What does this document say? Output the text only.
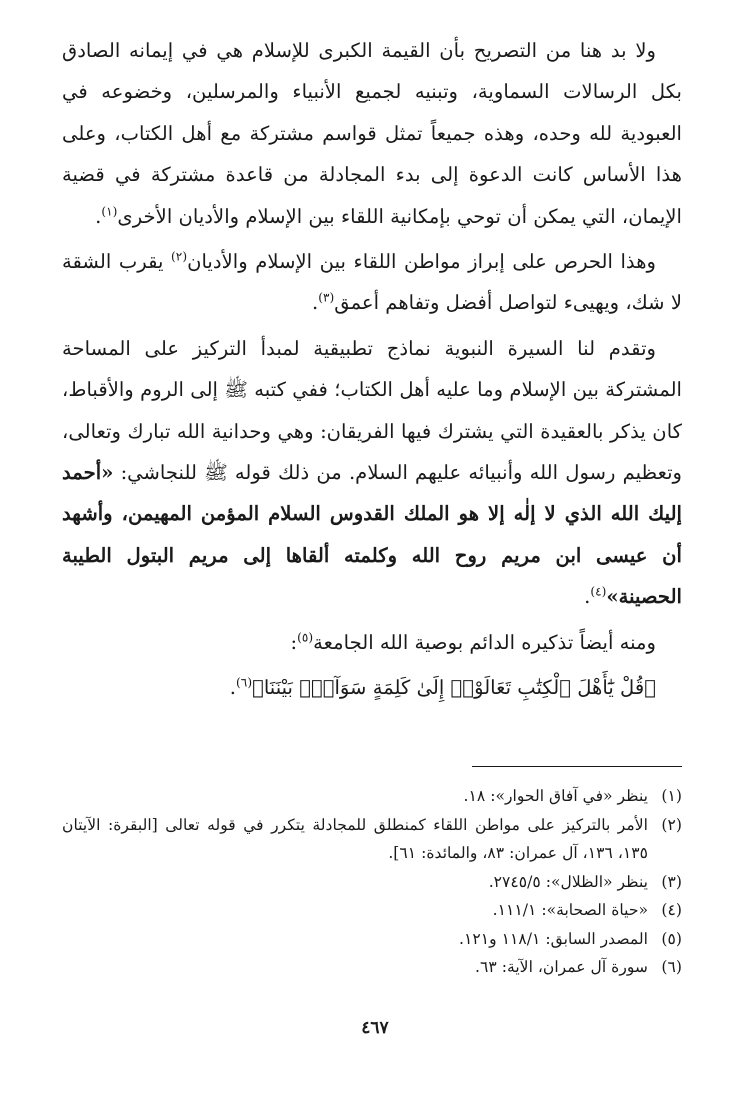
ولا بد هنا من التصريح بأن القيمة الكبرى للإسلام هي في إيمانه الصادق بكل الرسالات السماوية، وتبنيه لجميع الأنبياء والمرسلين، وخضوعه في العبودية لله وحده، وهذه جميعاً تمثل قواسم مشتركة مع أهل الكتاب، وعلى هذا الأساس كانت الدعوة إلى بدء المجادلة من قاعدة مشتركة في قضية الإيمان، التي يمكن أن توحي بإمكانية اللقاء بين الإسلام والأديان الأخرى$^{(١)}$.

وهذا الحرص على إبراز مواطن اللقاء بين الإسلام والأديان$^{(٢)}$ يقرب الشقة لا شك، ويهيىء لتواصل أفضل وتفاهم أعمق$^{(٣)}$.

وتقدم لنا السيرة النبوية نماذج تطبيقية لمبدأ التركيز على المساحة المشتركة بين الإسلام وما عليه أهل الكتاب؛ ففي كتبه ﷺ إلى الروم والأقباط، كان يذكر بالعقيدة التي يشترك فيها الفريقان: وهي وحدانية الله تبارك وتعالى، وتعظيم رسول الله وأنبيائه عليهم السلام. من ذلك قوله ﷺ للنجاشي: «أحمد إليك الله الذي لا إلٰه إلا هو الملك القدوس السلام المؤمن المهيمن، وأشهد أن عيسى ابن مريم روح الله وكلمته ألقاها إلى مريم البتول الطيبة الحصينة»$^{(٤)}$.

ومنه أيضاً تذكيره الدائم بوصية الله الجامعة$^{(٥)}$:

﴿قُلْ يَٰٓأَهْلَ ٱلْكِتَٰبِ تَعَالَوْا۟ إِلَىٰ كَلِمَةٍ سَوَآءٍۭ بَيْنَنَا﴾$^{(٦)}$.

(١)
ينظر «في آفاق الحوار»: ١٨.
(٢)
الأمر بالتركيز على مواطن اللقاء كمنطلق للمجادلة يتكرر في قوله تعالى [البقرة: الآيتان ١٣٥، ١٣٦، آل عمران: ٨٣، والمائدة: ٦١].
(٣)
ينظر «الظلال»: ٢٧٤٥/٥.
(٤)
«حياة الصحابة»: ١١١/١.
(٥)
المصدر السابق: ١١٨/١ و١٢١.
(٦)
سورة آل عمران، الآية: ٦٣.
٤٦٧
